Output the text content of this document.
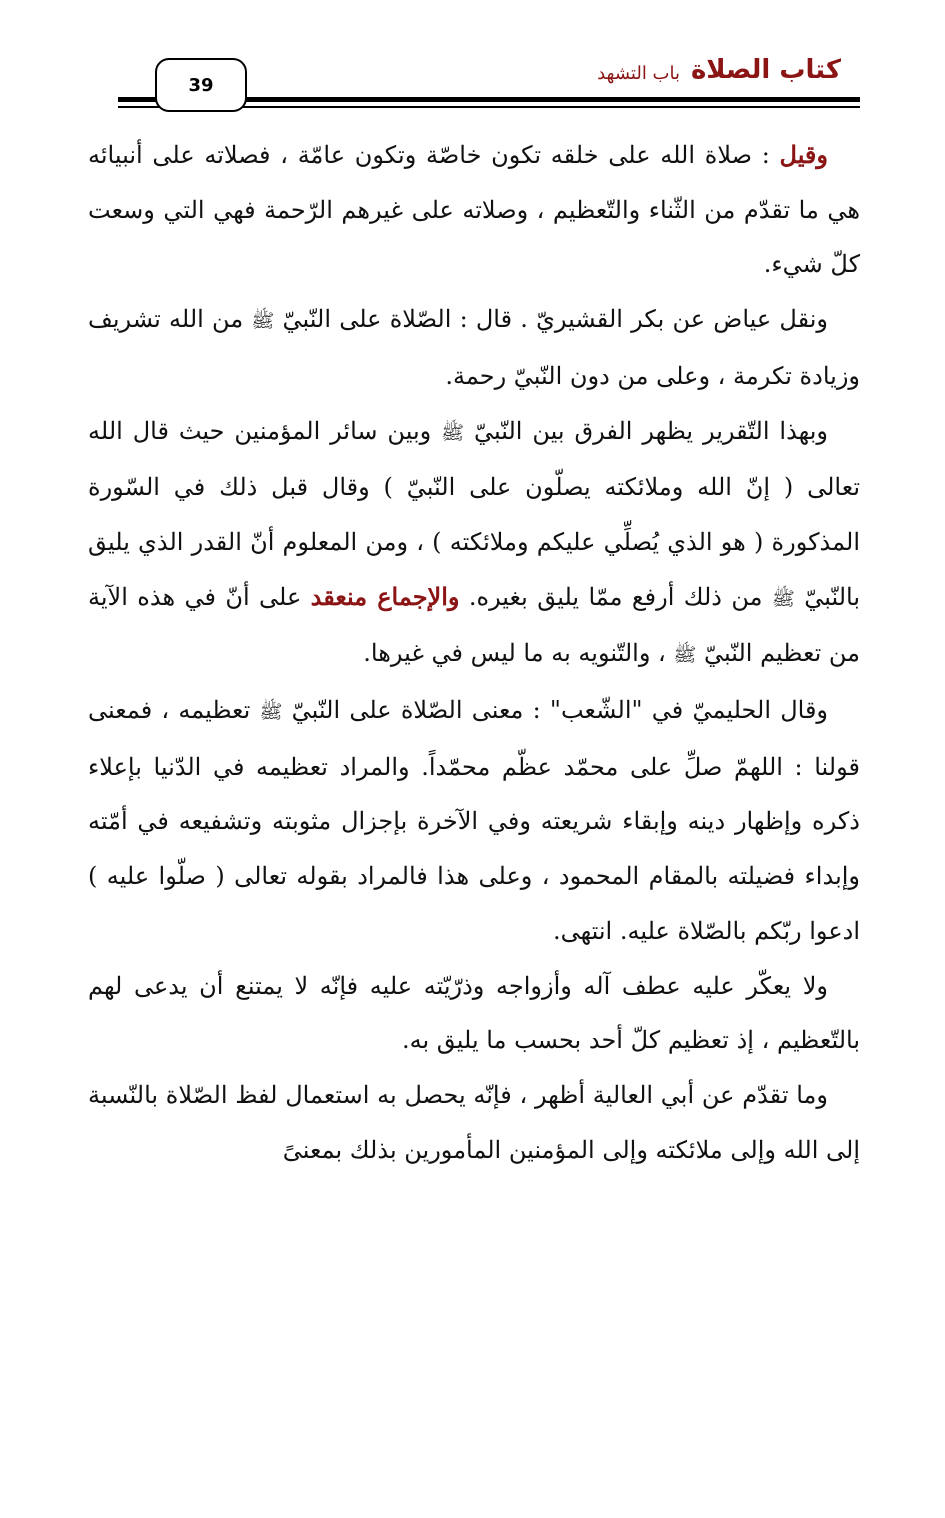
كتاب الصلاة
باب التشهد
39

وقيل : صلاة الله على خلقه تكون خاصّة وتكون عامّة ، فصلاته على أنبيائه هي ما تقدّم من الثّناء والتّعظيم ، وصلاته على غيرهم الرّحمة فهي التي وسعت كلّ شيء.

ونقل عياض عن بكر القشيريّ . قال : الصّلاة على النّبيّ ﷺ من الله تشريف وزيادة تكرمة ، وعلى من دون النّبيّ رحمة.

وبهذا التّقرير يظهر الفرق بين النّبيّ ﷺ وبين سائر المؤمنين حيث قال الله تعالى ( إنّ الله وملائكته يصلّون على النّبيّ ) وقال قبل ذلك في السّورة المذكورة ( هو الذي يُصلِّي عليكم وملائكته ) ، ومن المعلوم أنّ القدر الذي يليق بالنّبيّ ﷺ من ذلك أرفع ممّا يليق بغيره. والإجماع منعقد على أنّ في هذه الآية من تعظيم النّبيّ ﷺ ، والتّنويه به ما ليس في غيرها.

وقال الحليميّ في "الشّعب" : معنى الصّلاة على النّبيّ ﷺ تعظيمه ، فمعنى قولنا : اللهمّ صلِّ على محمّد عظّم محمّداً. والمراد تعظيمه في الدّنيا بإعلاء ذكره وإظهار دينه وإبقاء شريعته وفي الآخرة بإجزال مثوبته وتشفيعه في أمّته وإبداء فضيلته بالمقام المحمود ، وعلى هذا فالمراد بقوله تعالى ( صلّوا عليه ) ادعوا ربّكم بالصّلاة عليه. انتهى.

ولا يعكّر عليه عطف آله وأزواجه وذرّيّته عليه فإنّه لا يمتنع أن يدعى لهم بالتّعظيم ، إذ تعظيم كلّ أحد بحسب ما يليق به.

وما تقدّم عن أبي العالية أظهر ، فإنّه يحصل به استعمال لفظ الصّلاة بالنّسبة إلى الله وإلى ملائكته وإلى المؤمنين المأمورين بذلك بمعنىً
